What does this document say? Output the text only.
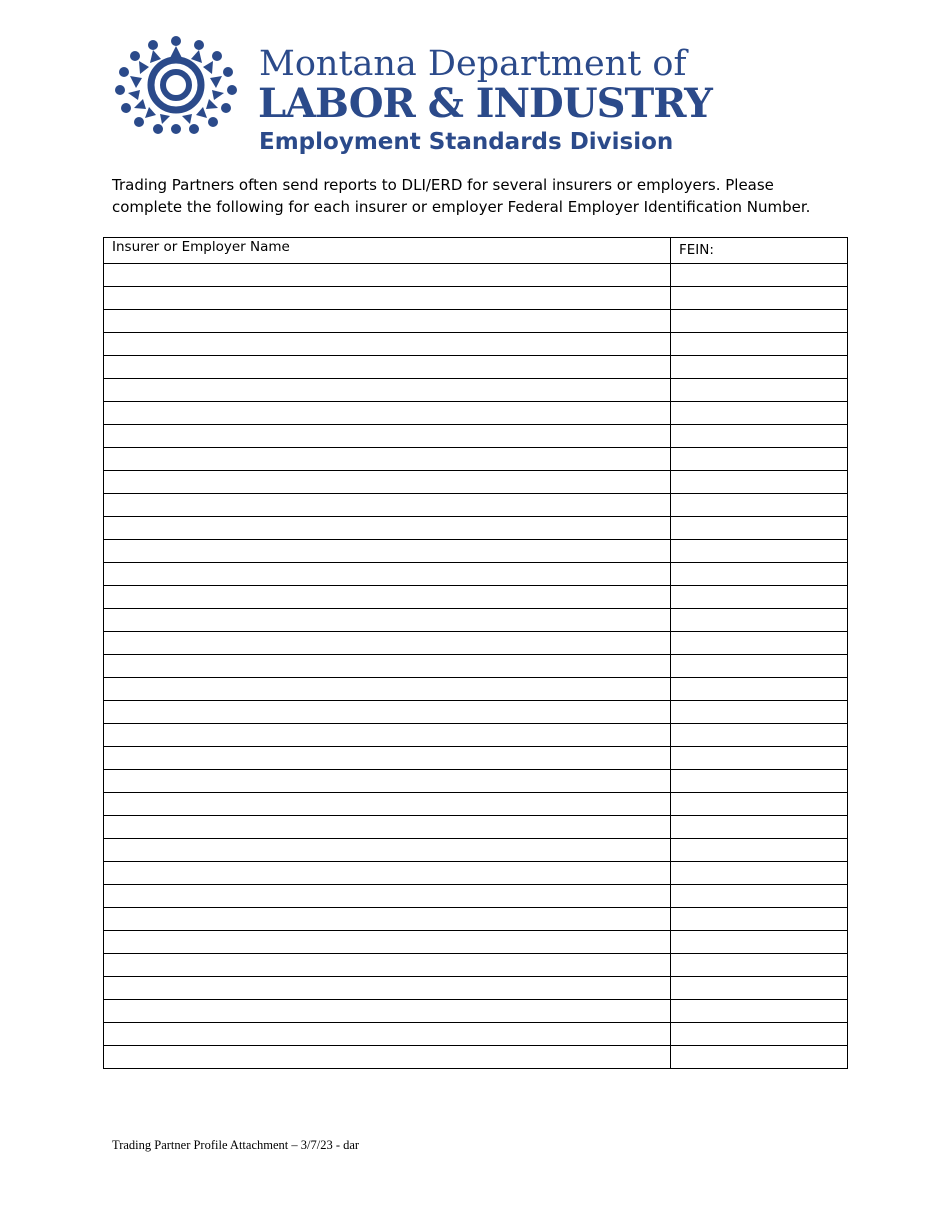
Montana Department of
LABOR & INDUSTRY
Employment Standards Division

Trading Partners often send reports to DLI/ERD for several insurers or employers. Please
complete the following for each insurer or employer Federal Employer Identification Number.

Insurer or Employer Name	FEIN:

Trading Partner Profile Attachment – 3/7/23 - dar
